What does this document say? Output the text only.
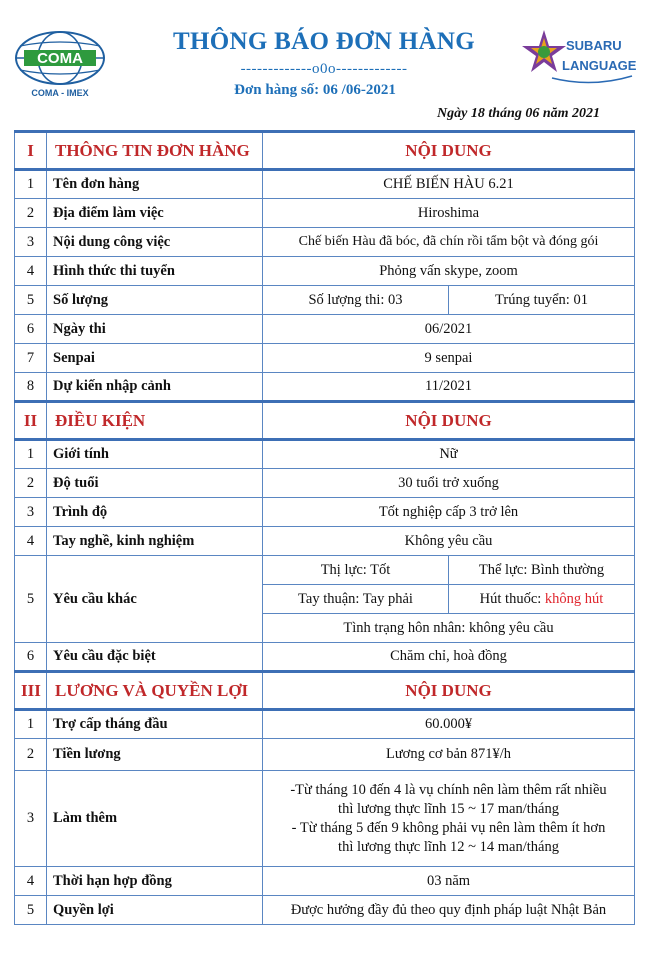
COMA
COMA - IMEX
THÔNG BÁO ĐƠN HÀNG
-------------o0o-------------
Đơn hàng số: 06 /06-2021
SUBARU
LANGUAGE
Ngày 18 tháng 06 năm 2021
I	THÔNG TIN ĐƠN HÀNG	NỘI DUNG	
1	Tên đơn hàng	CHẾ BIẾN HÀU 6.21	
2	Địa điểm làm việc	Hiroshima	
3	Nội dung công việc	Chế biến Hàu đã bóc, đã chín rồi tẩm bột và đóng gói	
4	Hình thức thi tuyển	Phỏng vấn skype, zoom	
5	Số lượng	Số lượng thi: 03	Trúng tuyển: 01
6	Ngày thi	06/2021	
7	Senpai	9 senpai	
8	Dự kiến nhập cảnh	11/2021	
II	ĐIỀU KIỆN	NỘI DUNG	
1	Giới tính	Nữ	
2	Độ tuổi	30 tuổi trở xuống	
3	Trình độ	Tốt nghiệp cấp 3 trở lên	
4	Tay nghề, kinh nghiệm	Không yêu cầu	
5	Yêu cầu khác	Thị lực: Tốt	Thể lực: Bình thường
		Tay thuận: Tay phải	Hút thuốc: không hút
		Tình trạng hôn nhân: không yêu cầu	
6	Yêu cầu đặc biệt	Chăm chỉ, hoà đồng	
III	LƯƠNG VÀ QUYỀN LỢI	NỘI DUNG	
1	Trợ cấp tháng đầu	60.000¥	
2	Tiền lương	Lương cơ bản 871¥/h	
3	Làm thêm	-Từ tháng 10 đến 4 là vụ chính nên làm thêm rất nhiều
thì lương thực lĩnh 15 ~ 17 man/tháng
- Từ tháng 5 đến 9 không phải vụ nên làm thêm ít hơn
thì lương thực lĩnh 12 ~ 14 man/tháng	

4	Thời hạn hợp đồng	03 năm	
5	Quyền lợi	Được hưởng đầy đủ theo quy định pháp luật Nhật Bản	
